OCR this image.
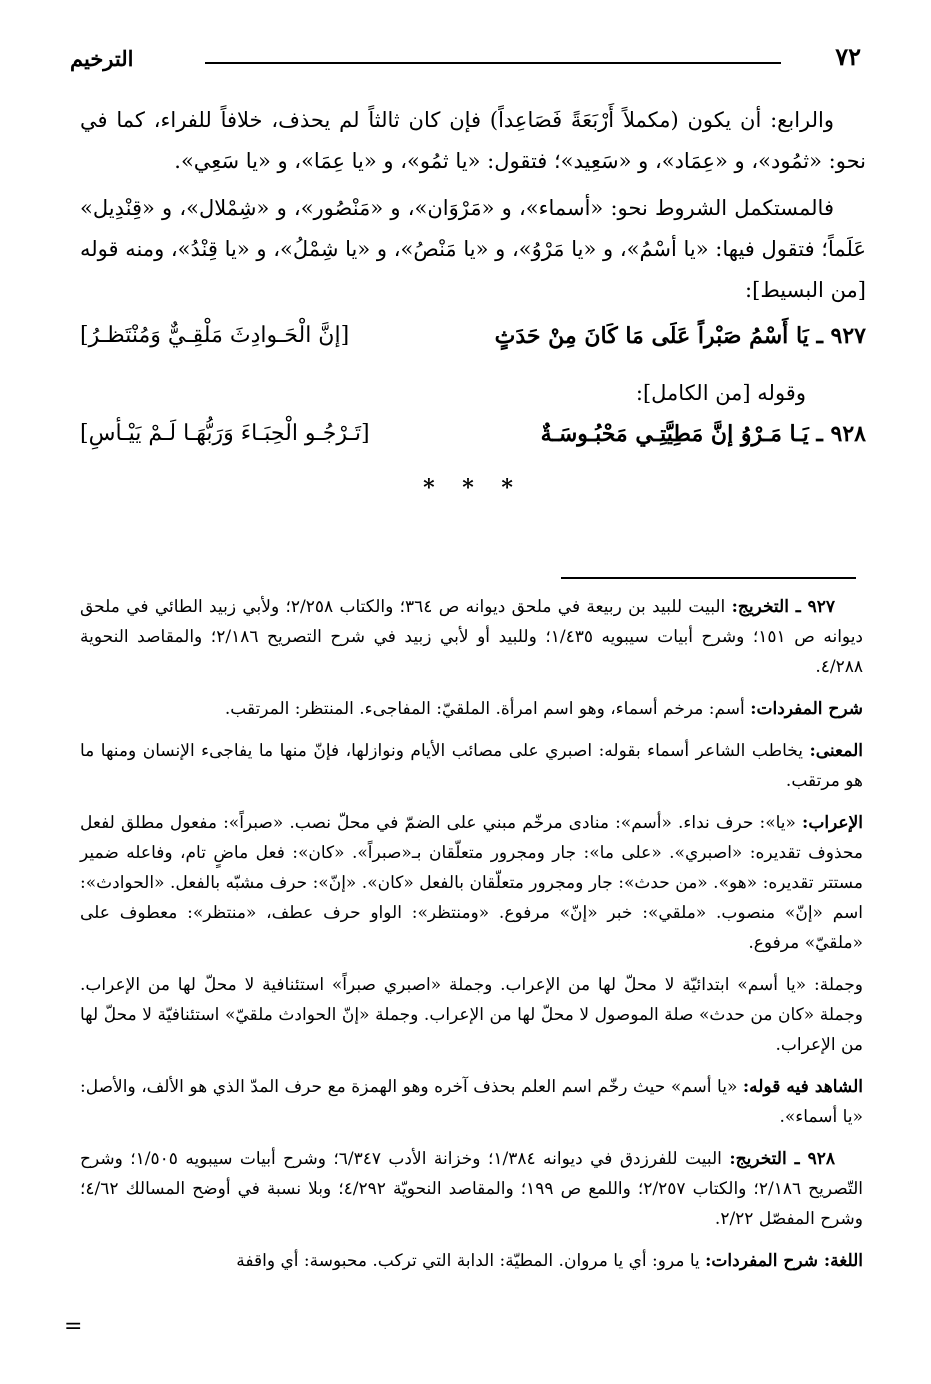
٧٢
الترخيم

والرابع: أن يكون (مكملاً أَرْبَعَةً فَصَاعِداً) فإن كان ثالثاً لم يحذف، خلافاً للفراء، كما في نحو: «ثمُود»، و «عِمَاد»، و «سَعِيد»؛ فتقول: «يا ثمُو»، و «يا عِمَا»، و «يا سَعِي».

فالمستكمل الشروط نحو: «أسماء»، و «مَرْوَان»، و «مَنْصُور»، و «شِمْلال»، و «قِنْدِيل» عَلَماً؛ فتقول فيها: «يا أسْمُ»، و «يا مَرْوُ»، و «يا مَنْصُ»، و «يا شِمْلُ»، و «يا قِنْدُ»، ومنه قوله [من البسيط]:

٩٢٧ ـ يَا أَسْمُ صَبْراً عَلَى مَا كَانَ مِنْ حَدَثٍ
[إنَّ الْحَـوادِثَ مَلْقِـيٌّ وَمُنْتَظـرُ]
وقوله [من الكامل]:
٩٢٨ ـ يَـا مَـرْوُ إنَّ مَطِيَّتِـي مَحْبُـوسَـةٌ
[تَـرْجُـو الْحِبَـاءَ وَرَبُّهَـا لَـمْ يَيْـأسِ]
* * *

٩٢٧ ـ التخريج: البيت للبيد بن ربيعة في ملحق ديوانه ص ٣٦٤؛ والكتاب ٢/٢٥٨؛ ولأبي زبيد الطائي في ملحق ديوانه ص ١٥١؛ وشرح أبيات سيبويه ١/٤٣٥؛ وللبيد أو لأبي زبيد في شرح التصريح ٢/١٨٦؛ والمقاصد النحوية ٤/٢٨٨.

شرح المفردات: أسم: مرخم أسماء، وهو اسم امرأة. الملقيّ: المفاجىء. المنتظر: المرتقب.

المعنى: يخاطب الشاعر أسماء بقوله: اصبري على مصائب الأيام ونوازلها، فإنّ منها ما يفاجىء الإنسان ومنها ما هو مرتقب.

الإعراب: «يا»: حرف نداء. «أسم»: منادى مرخّم مبني على الضمّ في محلّ نصب. «صبراً»: مفعول مطلق لفعل محذوف تقديره: «اصبري». «على ما»: جار ومجرور متعلّقان بـ«صبراً». «كان»: فعل ماضٍ تام، وفاعله ضمير مستتر تقديره: «هو». «من حدث»: جار ومجرور متعلّقان بالفعل «كان». «إنّ»: حرف مشبّه بالفعل. «الحوادث»: اسم «إنّ» منصوب. «ملقي»: خبر «إنّ» مرفوع. «ومنتظر»: الواو حرف عطف، «منتظر»: معطوف على «ملقيّ» مرفوع.

وجملة: «يا أسم» ابتدائيّة لا محلّ لها من الإعراب. وجملة «اصبري صبراً» استئنافية لا محلّ لها من الإعراب. وجملة «كان من حدث» صلة الموصول لا محلّ لها من الإعراب. وجملة «إنّ الحوادث ملقيّ» استئنافيّة لا محلّ لها من الإعراب.

الشاهد فيه قوله: «يا أسم» حيث رخّم اسم العلم بحذف آخره وهو الهمزة مع حرف المدّ الذي هو الألف، والأصل: «يا أسماء».

٩٢٨ ـ التخريج: البيت للفرزدق في ديوانه ١/٣٨٤؛ وخزانة الأدب ٦/٣٤٧؛ وشرح أبيات سيبويه ١/٥٠٥؛ وشرح التّصريح ٢/١٨٦؛ والكتاب ٢/٢٥٧؛ واللمع ص ١٩٩؛ والمقاصد النحويّة ٤/٢٩٢؛ وبلا نسبة في أوضح المسالك ٤/٦٢؛ وشرح المفصّل ٢/٢٢.

اللغة: شرح المفردات: يا مرو: أي يا مروان. المطيّة: الدابة التي تركب. محبوسة: أي واقفة

=
